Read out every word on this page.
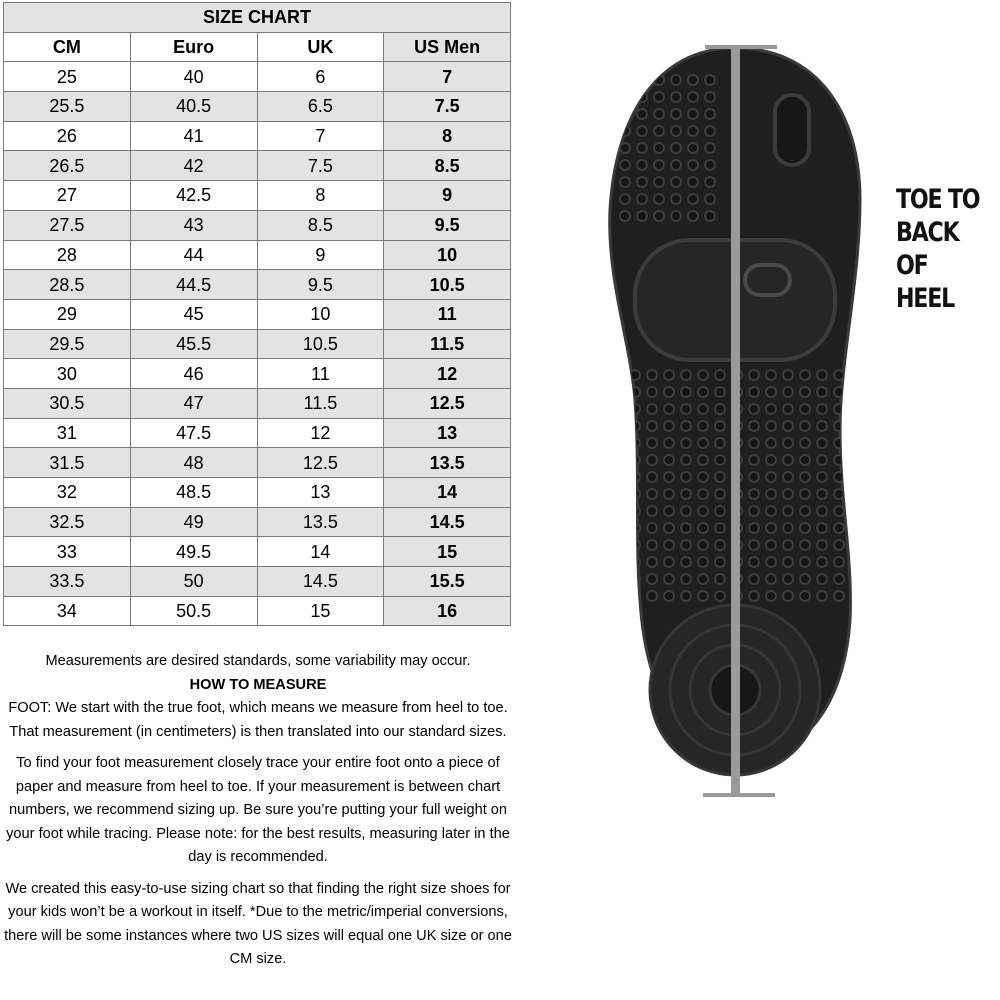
SIZE CHART			
CM	Euro	UK	US Men
25	40	6	7
25.5	40.5	6.5	7.5
26	41	7	8
26.5	42	7.5	8.5
27	42.5	8	9
27.5	43	8.5	9.5
28	44	9	10
28.5	44.5	9.5	10.5
29	45	10	11
29.5	45.5	10.5	11.5
30	46	11	12
30.5	47	11.5	12.5
31	47.5	12	13
31.5	48	12.5	13.5
32	48.5	13	14
32.5	49	13.5	14.5
33	49.5	14	15
33.5	50	14.5	15.5
34	50.5	15	16

Measurements are desired standards, some variability may occur.

HOW TO MEASURE

FOOT: We start with the true foot, which means we measure from heel to toe. That measurement (in centimeters) is then translated into our standard sizes.

To find your foot measurement closely trace your entire foot onto a piece of paper and measure from heel to toe. If your measurement is between chart numbers, we recommend sizing up. Be sure you’re putting your full weight on your foot while tracing. Please note: for the best results, measuring later in the day is recommended.

We created this easy-to-use sizing chart so that finding the right size shoes for your kids won’t be a workout in itself. *Due to the metric/imperial conversions, there will be some instances where two US sizes will equal one UK size or one CM size.

TOE TO
BACK OF
HEEL
